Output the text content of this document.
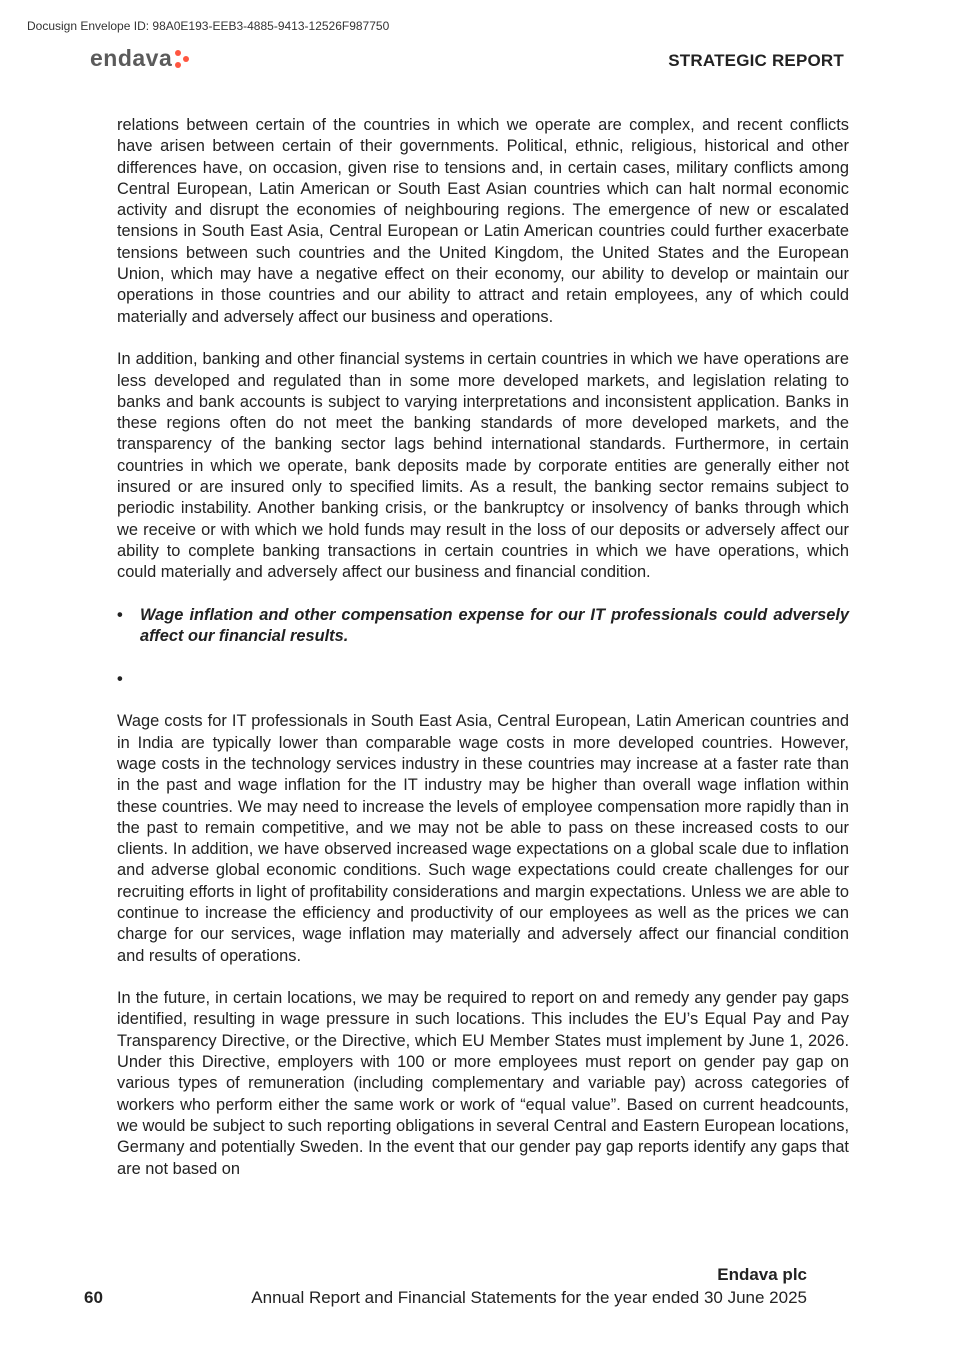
Docusign Envelope ID: 98A0E193-EEB3-4885-9413-12526F987750
endava	STRATEGIC REPORT

relations between certain of the countries in which we operate are complex, and recent conflicts have arisen between certain of their governments. Political, ethnic, religious, historical and other differences have, on occasion, given rise to tensions and, in certain cases, military conflicts among Central European, Latin American or South East Asian countries which can halt normal economic activity and disrupt the economies of neighbouring regions. The emergence of new or escalated tensions in South East Asia, Central European or Latin American countries could further exacerbate tensions between such countries and the United Kingdom, the United States and the European Union, which may have a negative effect on their economy, our ability to develop or maintain our operations in those countries and our ability to attract and retain employees, any of which could materially and adversely affect our business and operations.

In addition, banking and other financial systems in certain countries in which we have operations are less developed and regulated than in some more developed markets, and legislation relating to banks and bank accounts is subject to varying interpretations and inconsistent application. Banks in these regions often do not meet the banking standards of more developed markets, and the transparency of the banking sector lags behind international standards. Furthermore, in certain countries in which we operate, bank deposits made by corporate entities are generally either not insured or are insured only to specified limits. As a result, the banking sector remains subject to periodic instability. Another banking crisis, or the bankruptcy or insolvency of banks through which we receive or with which we hold funds may result in the loss of our deposits or adversely affect our ability to complete banking transactions in certain countries in which we have operations, which could materially and adversely affect our business and financial condition.

•	Wage inflation and other compensation expense for our IT professionals could adversely affect our financial results.
•

Wage costs for IT professionals in South East Asia, Central European, Latin American countries and in India are typically lower than comparable wage costs in more developed countries. However, wage costs in the technology services industry in these countries may increase at a faster rate than in the past and wage inflation for the IT industry may be higher than overall wage inflation within these countries. We may need to increase the levels of employee compensation more rapidly than in the past to remain competitive, and we may not be able to pass on these increased costs to our clients. In addition, we have observed increased wage expectations on a global scale due to inflation and adverse global economic conditions. Such wage expectations could create challenges for our recruiting efforts in light of profitability considerations and margin expectations. Unless we are able to continue to increase the efficiency and productivity of our employees as well as the prices we can charge for our services, wage inflation may materially and adversely affect our financial condition and results of operations.

In the future, in certain locations, we may be required to report on and remedy any gender pay gaps identified, resulting in wage pressure in such locations. This includes the EU’s Equal Pay and Pay Transparency Directive, or the Directive, which EU Member States must implement by June 1, 2026. Under this Directive, employers with 100 or more employees must report on gender pay gap on various types of remuneration (including complementary and variable pay) across categories of workers who perform either the same work or work of “equal value”. Based on current headcounts, we would be subject to such reporting obligations in several Central and Eastern European locations, Germany and potentially Sweden. In the event that our gender pay gap reports identify any gaps that are not based on

Endava plc
60	Annual Report and Financial Statements for the year ended 30 June 2025
